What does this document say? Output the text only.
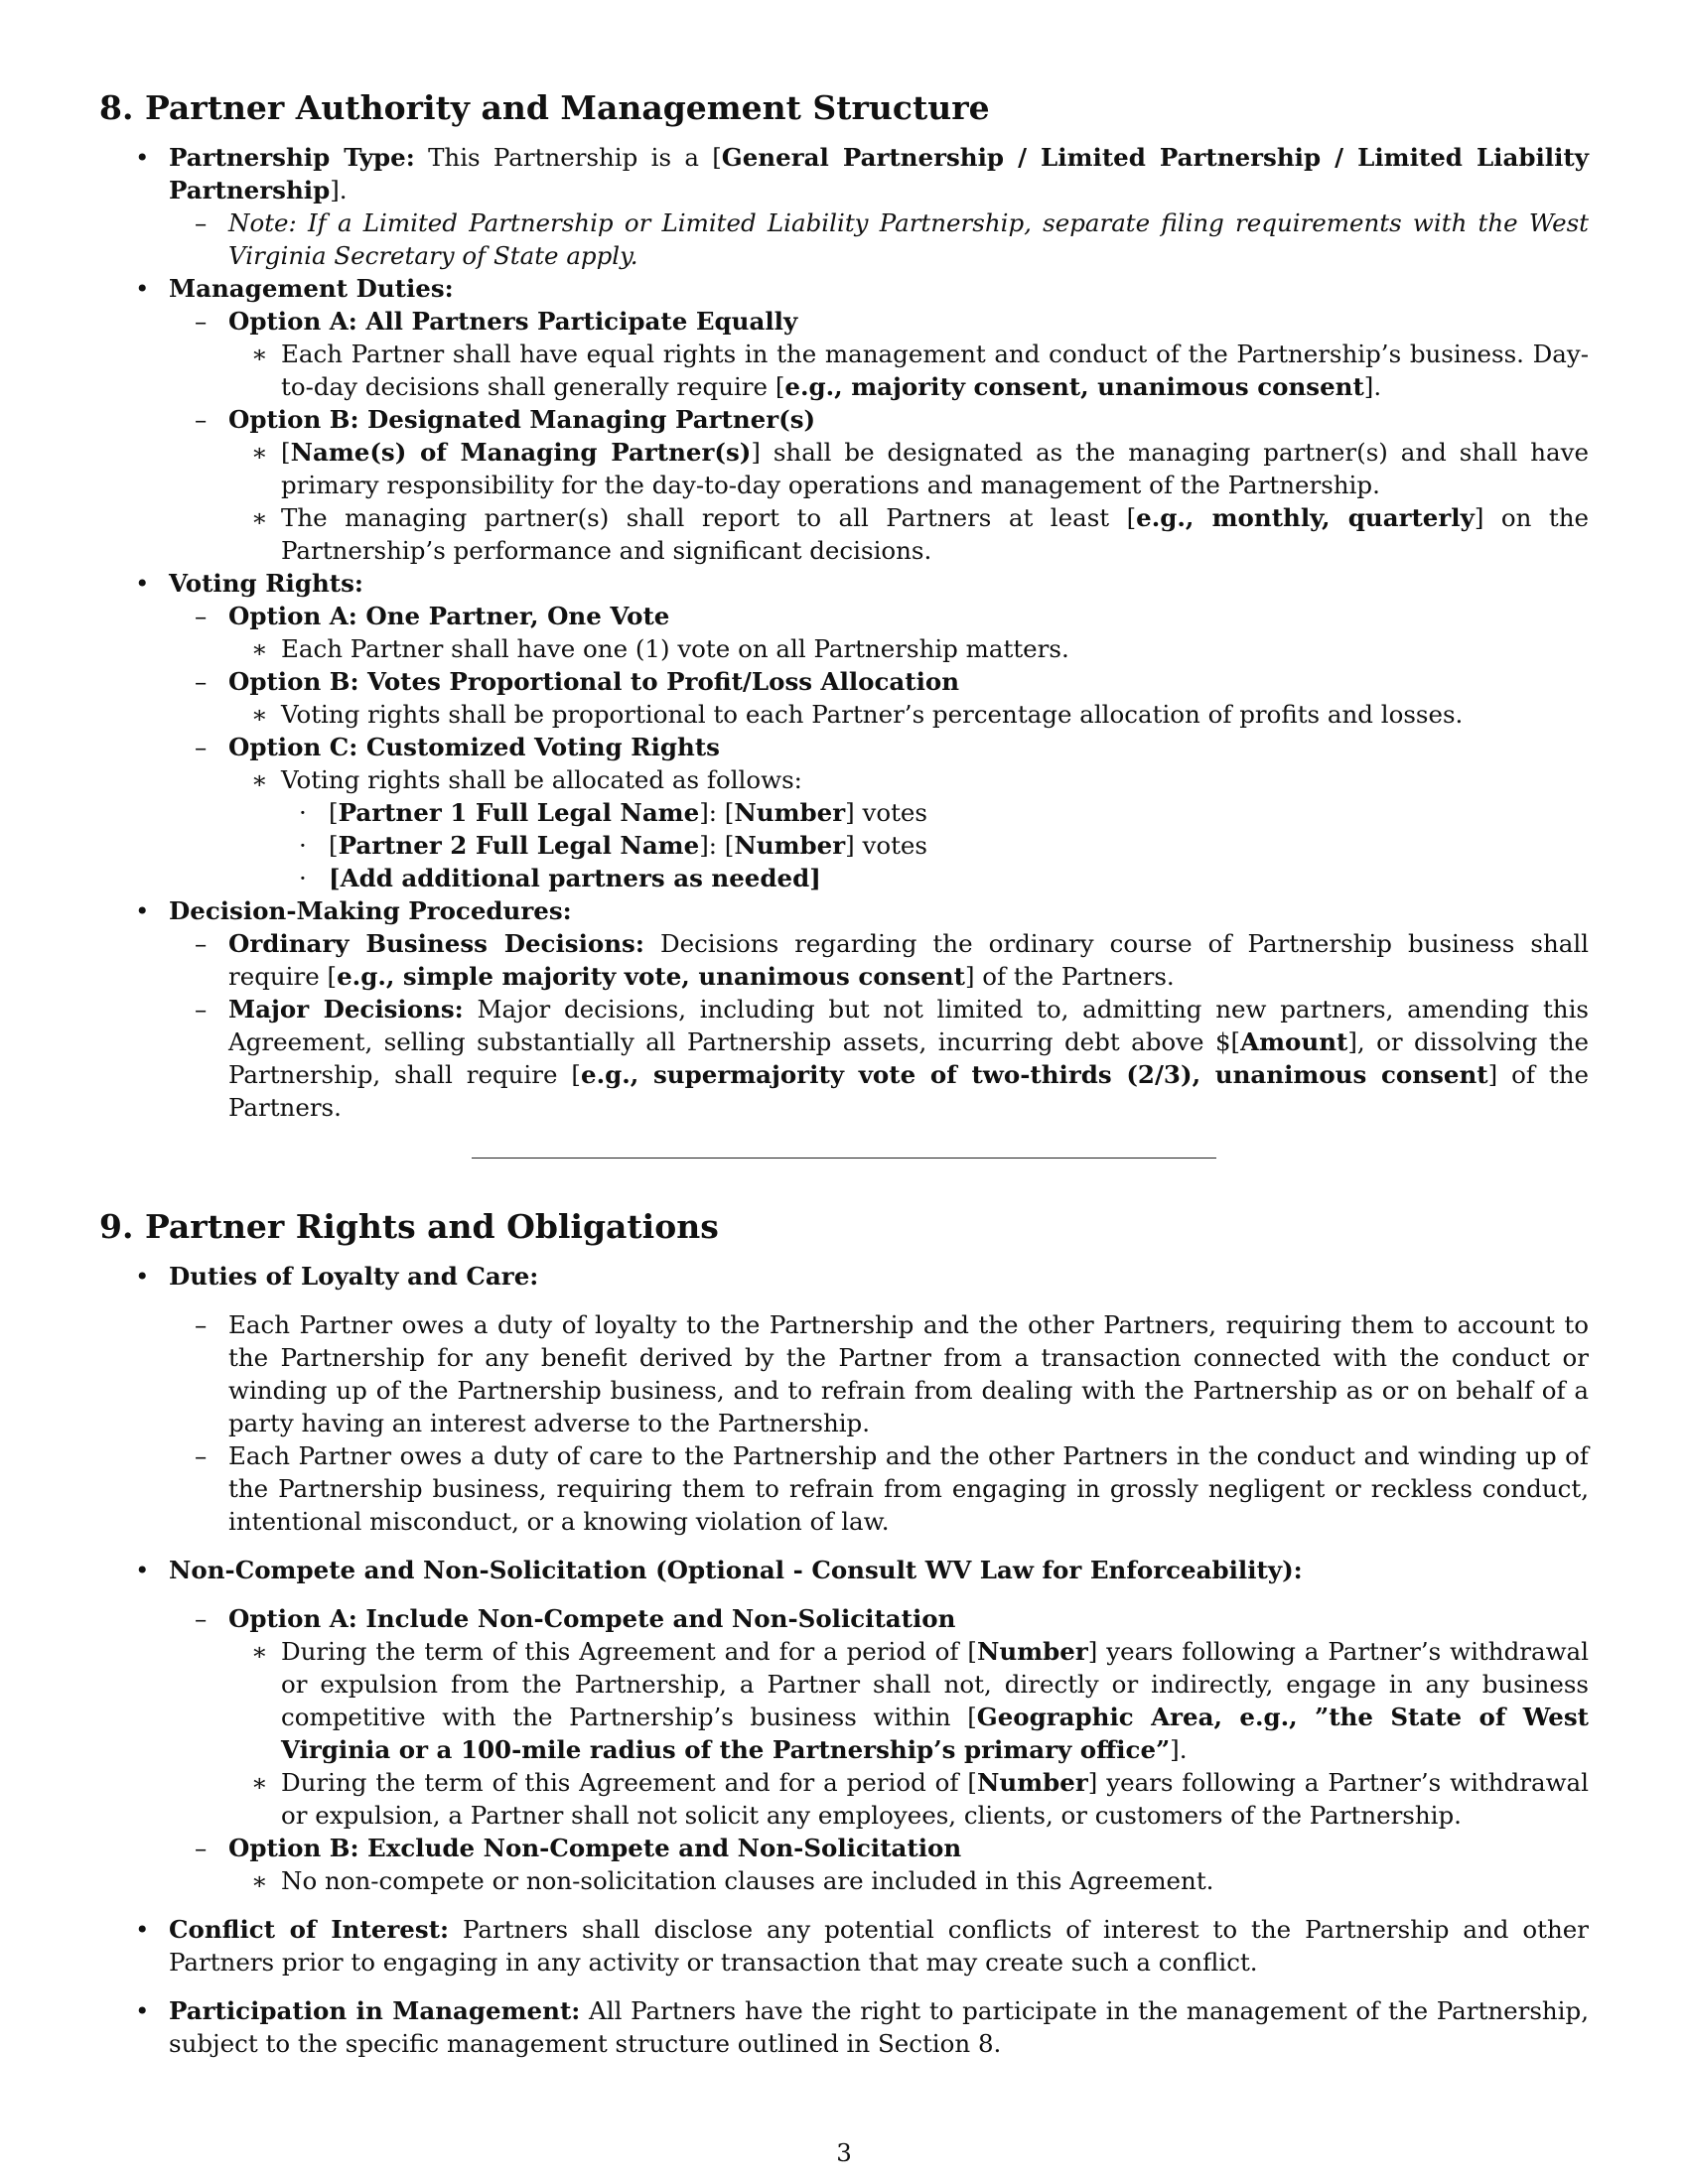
8. Partner Authority and Management Structure
• Partnership Type: This Partnership is a [General Partnership / Limited Partnership / Limited Liability Partnership].
– Note: If a Limited Partnership or Limited Liability Partnership, separate filing requirements with the West Virginia Secretary of State apply.
• Management Duties:
– Option A: All Partners Participate Equally
∗ Each Partner shall have equal rights in the management and conduct of the Partnership’s business. Day-to-day decisions shall generally require [e.g., majority consent, unanimous consent].
– Option B: Designated Managing Partner(s)
∗ [Name(s) of Managing Partner(s)] shall be designated as the managing partner(s) and shall have primary responsibility for the day-to-day operations and management of the Partnership.
∗ The managing partner(s) shall report to all Partners at least [e.g., monthly, quarterly] on the Partnership’s performance and significant decisions.
• Voting Rights:
– Option A: One Partner, One Vote
∗ Each Partner shall have one (1) vote on all Partnership matters.
– Option B: Votes Proportional to Profit/Loss Allocation
∗ Voting rights shall be proportional to each Partner’s percentage allocation of profits and losses.
– Option C: Customized Voting Rights
∗ Voting rights shall be allocated as follows:
· [Partner 1 Full Legal Name]: [Number] votes
· [Partner 2 Full Legal Name]: [Number] votes
· [Add additional partners as needed]
• Decision-Making Procedures:
– Ordinary Business Decisions: Decisions regarding the ordinary course of Partnership business shall require [e.g., simple majority vote, unanimous consent] of the Partners.
– Major Decisions: Major decisions, including but not limited to, admitting new partners, amending this Agreement, selling substantially all Partnership assets, incurring debt above $[Amount], or dissolving the Partnership, shall require [e.g., supermajority vote of two-thirds (2/3), unanimous consent] of the Partners.
9. Partner Rights and Obligations
• Duties of Loyalty and Care:
– Each Partner owes a duty of loyalty to the Partnership and the other Partners, requiring them to account to the Partnership for any benefit derived by the Partner from a transaction connected with the conduct or winding up of the Partnership business, and to refrain from dealing with the Partnership as or on behalf of a party having an interest adverse to the Partnership.
– Each Partner owes a duty of care to the Partnership and the other Partners in the conduct and winding up of the Partnership business, requiring them to refrain from engaging in grossly negligent or reckless conduct, intentional misconduct, or a knowing violation of law.
• Non-Compete and Non-Solicitation (Optional - Consult WV Law for Enforceability):
– Option A: Include Non-Compete and Non-Solicitation
∗ During the term of this Agreement and for a period of [Number] years following a Partner’s withdrawal or expulsion from the Partnership, a Partner shall not, directly or indirectly, engage in any business competitive with the Partnership’s business within [Geographic Area, e.g., ”the State of West Virginia or a 100-mile radius of the Partnership’s primary office”].
∗ During the term of this Agreement and for a period of [Number] years following a Partner’s withdrawal or expulsion, a Partner shall not solicit any employees, clients, or customers of the Partnership.
– Option B: Exclude Non-Compete and Non-Solicitation
∗ No non-compete or non-solicitation clauses are included in this Agreement.
• Conflict of Interest: Partners shall disclose any potential conflicts of interest to the Partnership and other Partners prior to engaging in any activity or transaction that may create such a conflict.
• Participation in Management: All Partners have the right to participate in the management of the Partnership, subject to the specific management structure outlined in Section 8.
3
